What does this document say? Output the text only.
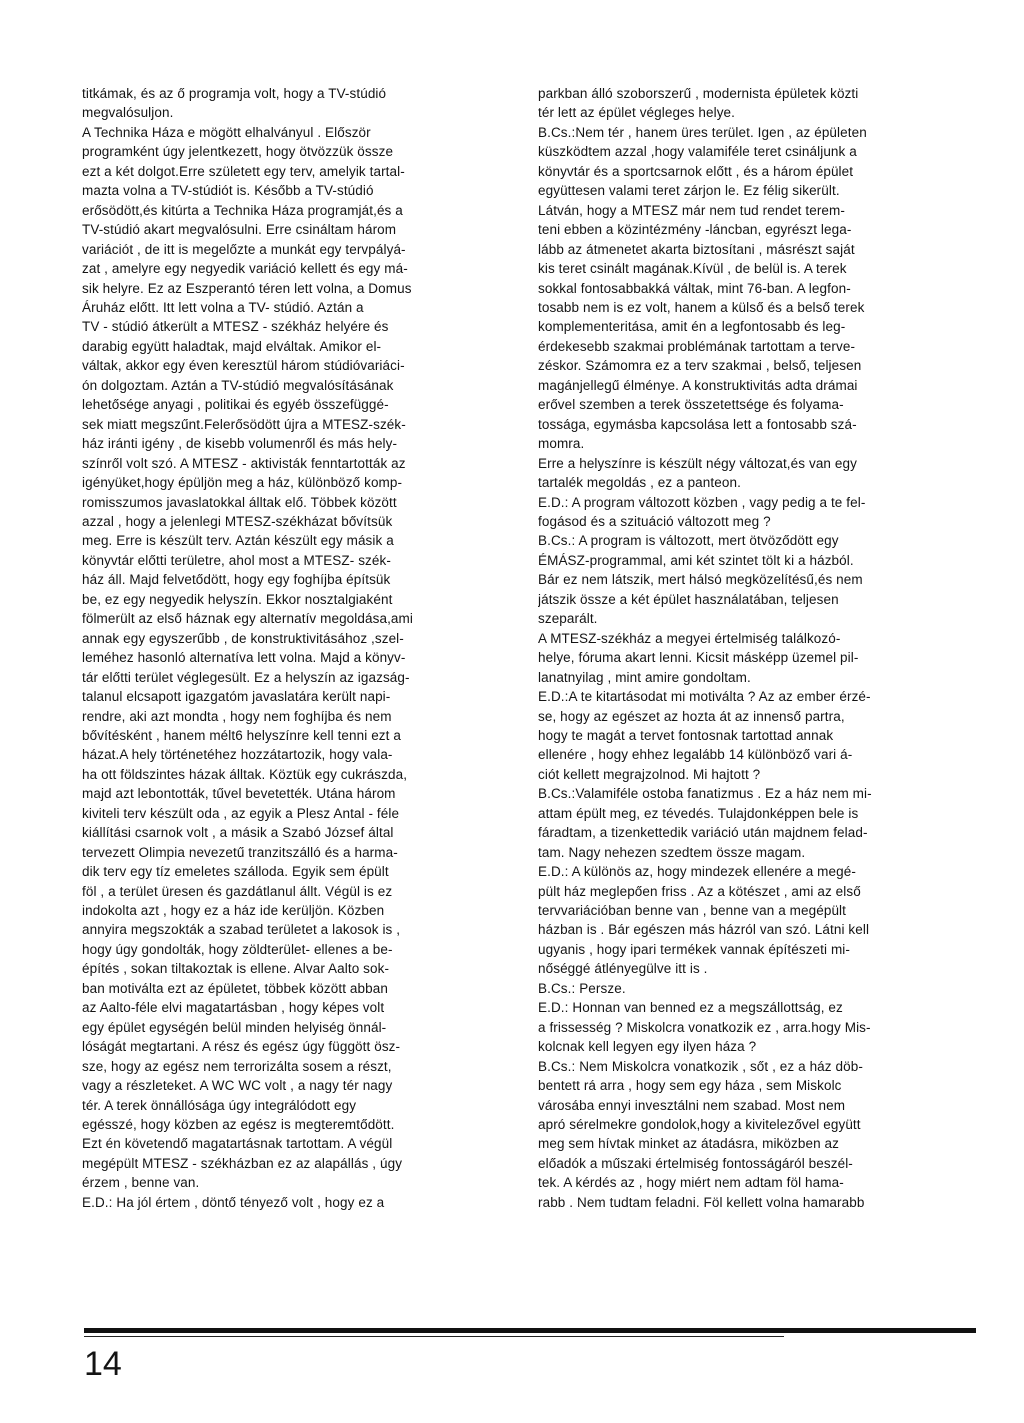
titkámak, és az ő programja volt, hogy a TV-stúdió
megvalósuljon.
A Technika Háza e mögött elhalványul . Először
programként úgy jelentkezett, hogy ötvözzük össze
ezt a két dolgot.Erre született egy terv, amelyik tartal-
mazta volna a TV-stúdiót is. Később a TV-stúdió
erősödött,és kitúrta a Technika Háza programját,és a
TV-stúdió akart megvalósulni. Erre csináltam három
variációt , de itt is megelőzte a munkát egy tervpályá-
zat , amelyre egy negyedik variáció kellett és egy má-
sik helyre. Ez az Eszperantó téren lett volna, a Domus
Áruház előtt. Itt lett volna a TV- stúdió. Aztán a
TV - stúdió átkerült a MTESZ - székház helyére és
darabig együtt haladtak, majd elváltak. Amikor el-
váltak, akkor egy éven keresztül három stúdióvariáci-
ón dolgoztam. Aztán a TV-stúdió megvalósításának
lehetősége anyagi , politikai és egyéb összefüggé-
sek miatt megszűnt.Felerősödött újra a MTESZ-szék-
ház iránti igény , de kisebb volumenről és más hely-
színről volt szó. A MTESZ - aktivisták fenntartották az
igényüket,hogy épüljön meg a ház, különböző komp-
romisszumos javaslatokkal álltak elő. Többek között
azzal , hogy a jelenlegi MTESZ-székházat bővítsük
meg. Erre is készült terv. Aztán készült egy másik a
könyvtár előtti területre, ahol most a MTESZ- szék-
ház áll. Majd felvetődött, hogy egy foghíjba építsük
be, ez egy negyedik helyszín. Ekkor nosztalgiaként
fölmerült az első háznak egy alternatív megoldása,ami
annak egy egyszerűbb , de konstruktivitásához ,szel-
leméhez hasonló alternatíva lett volna. Majd a könyv-
tár előtti terület véglegesült. Ez a helyszín az igazság-
talanul elcsapott igazgatóm javaslatára került napi-
rendre, aki azt mondta , hogy nem foghíjba és nem
bővítésként , hanem mélt6 helyszínre kell tenni ezt a
házat.A hely történetéhez hozzátartozik, hogy vala-
ha ott földszintes házak álltak. Köztük egy cukrászda,
majd azt lebontották, tűvel bevetették. Utána három
kiviteli terv készült oda , az egyik a Plesz Antal - féle
kiállítási csarnok volt , a másik a Szabó József által
tervezett Olimpia nevezetű tranzitszálló és a harma-
dik terv egy tíz emeletes szálloda. Egyik sem épült
föl , a terület üresen és gazdátlanul állt. Végül is ez
indokolta azt , hogy ez a ház ide kerüljön. Közben
annyira megszokták a szabad területet a lakosok is ,
hogy úgy gondolták, hogy zöldterület- ellenes a be-
építés , sokan tiltakoztak is ellene. Alvar Aalto sok-
ban motiválta ezt az épületet, többek között abban
az Aalto-féle elvi magatartásban , hogy képes volt
egy épület egységén belül minden helyiség önnál-
lóságát megtartani. A rész és egész úgy függött ösz-
sze, hogy az egész nem terrorizálta sosem a részt,
vagy a részleteket. A WC WC volt , a nagy tér nagy
tér. A terek önnállósága úgy integrálódott egy
egésszé, hogy közben az egész is megteremtődött.
Ezt én követendő magatartásnak tartottam. A végül
megépült MTESZ - székházban ez az alapállás , úgy
érzem , benne van.
E.D.: Ha jól értem , döntő tényező volt , hogy ez a
parkban álló szoborszerű , modernista épületek közti
tér lett az épület végleges helye.
B.Cs.:Nem tér , hanem üres terület. Igen , az épületen
küszködtem azzal ,hogy valamiféle teret csináljunk a
könyvtár és a sportcsarnok előtt , és a három épület
együttesen valami teret zárjon le. Ez félig sikerült.
Látván, hogy a MTESZ már nem tud rendet terem-
teni ebben a közintézmény -láncban, egyrészt lega-
lább az átmenetet akarta biztosítani , másrészt saját
kis teret csinált magának.Kívül , de belül is. A terek
sokkal fontosabbakká váltak, mint 76-ban. A legfon-
tosabb nem is ez volt, hanem a külső és a belső terek
komplementeritása, amit én a legfontosabb és leg-
érdekesebb szakmai problémának tartottam a terve-
zéskor. Számomra ez a terv szakmai , belső, teljesen
magánjellegű élménye. A konstruktivitás adta drámai
erővel szemben a terek összetettsége és folyama-
tossága, egymásba kapcsolása lett a fontosabb szá-
momra.
Erre a helyszínre is készült négy változat,és van egy
tartalék megoldás , ez a panteon.
E.D.: A program változott közben , vagy pedig a te fel-
fogásod és a szituáció változott meg ?
B.Cs.: A program is változott, mert ötvöződött egy
ÉMÁSZ-programmal, ami két szintet tölt ki a házból.
Bár ez nem látszik, mert hálsó megközelítésű,és nem
játszik össze a két épület használatában, teljesen
szeparált.
A MTESZ-székház a megyei értelmiség találkozó-
helye, fóruma akart lenni. Kicsit másképp üzemel pil-
lanatnyilag , mint amire gondoltam.
E.D.:A te kitartásodat mi motiválta ? Az az ember érzé-
se, hogy az egészet az hozta át az innenső partra,
hogy te magát a tervet fontosnak tartottad annak
ellenére , hogy ehhez legalább 14 különböző vari á-
ciót kellett megrajzolnod. Mi hajtott ?
B.Cs.:Valamiféle ostoba fanatizmus . Ez a ház nem mi-
attam épült meg, ez tévedés. Tulajdonképpen bele is
fáradtam, a tizenkettedik variáció után majdnem felad-
tam. Nagy nehezen szedtem össze magam.
E.D.: A különös az, hogy mindezek ellenére a megé-
pült ház meglepően friss . Az a kötészet , ami az első
tervvariációban benne van , benne van a megépült
házban is . Bár egészen más házról van szó. Látni kell
ugyanis , hogy ipari termékek vannak építészeti mi-
nőséggé átlényegülve itt is .
B.Cs.: Persze.
E.D.: Honnan van benned ez a megszállottság, ez
a frissesség ? Miskolcra vonatkozik ez , arra.hogy Mis-
kolcnak kell legyen egy ilyen háza ?
B.Cs.: Nem Miskolcra vonatkozik , sőt , ez a ház döb-
bentett rá arra , hogy sem egy háza , sem Miskolc
városába ennyi invesztálni nem szabad. Most nem
apró sérelmekre gondolok,hogy a kivitelezővel együtt
meg sem hívtak minket az átadásra, miközben az
előadók a műszaki értelmiség fontosságáról beszél-
tek. A kérdés az , hogy miért nem adtam föl hama-
rabb . Nem tudtam feladni. Föl kellett volna hamarabb
14
